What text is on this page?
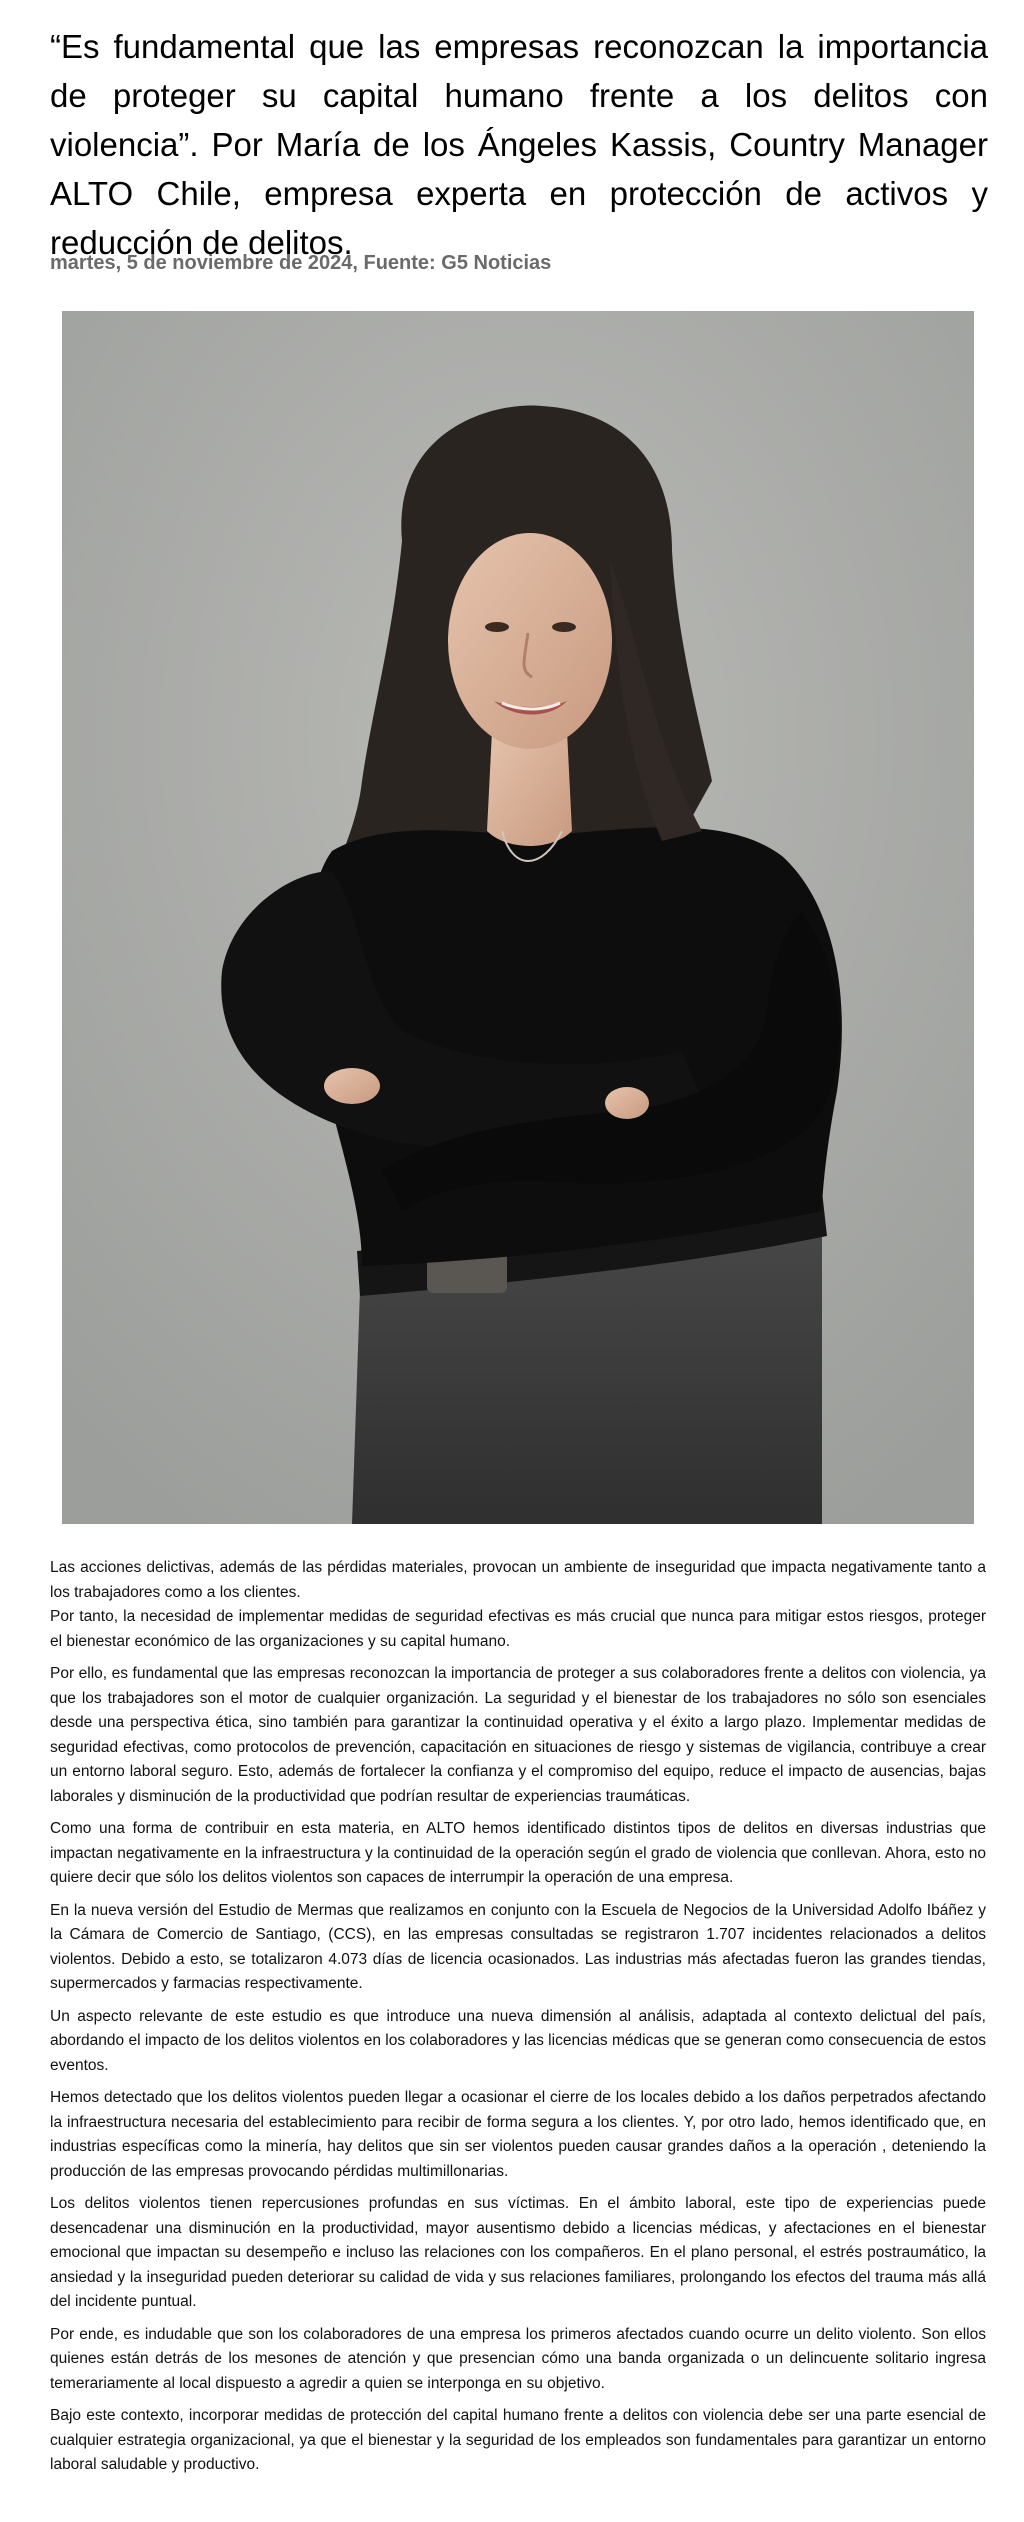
“Es fundamental que las empresas reconozcan la importancia de proteger su capital humano frente a los delitos con violencia”. Por María de los Ángeles Kassis, Country Manager ALTO Chile, empresa experta en protección de activos y reducción de delitos.
martes, 5 de noviembre de 2024, Fuente: G5 Noticias

Las acciones delictivas, además de las pérdidas materiales, provocan un ambiente de inseguridad que impacta negativamente tanto a los trabajadores como a los clientes.

Por tanto, la necesidad de implementar medidas de seguridad efectivas es más crucial que nunca para mitigar estos riesgos, proteger el bienestar económico de las organizaciones y su capital humano.

Por ello, es fundamental que las empresas reconozcan la importancia de proteger a sus colaboradores frente a delitos con violencia, ya que los trabajadores son el motor de cualquier organización. La seguridad y el bienestar de los trabajadores no sólo son esenciales desde una perspectiva ética, sino también para garantizar la continuidad operativa y el éxito a largo plazo. Implementar medidas de seguridad efectivas, como protocolos de prevención, capacitación en situaciones de riesgo y sistemas de vigilancia, contribuye a crear un entorno laboral seguro. Esto, además de fortalecer la confianza y el compromiso del equipo, reduce el impacto de ausencias, bajas laborales y disminución de la productividad que podrían resultar de experiencias traumáticas.

Como una forma de contribuir en esta materia, en ALTO hemos identificado distintos tipos de delitos en diversas industrias que impactan negativamente en la infraestructura y la continuidad de la operación según el grado de violencia que conllevan. Ahora, esto no quiere decir que sólo los delitos violentos son capaces de interrumpir la operación de una empresa.

En la nueva versión del Estudio de Mermas que realizamos en conjunto con la Escuela de Negocios de la Universidad Adolfo Ibáñez y la Cámara de Comercio de Santiago, (CCS), en las empresas consultadas se registraron 1.707 incidentes relacionados a delitos violentos. Debido a esto, se totalizaron 4.073 días de licencia ocasionados. Las industrias más afectadas fueron las grandes tiendas, supermercados y farmacias respectivamente.

Un aspecto relevante de este estudio es que introduce una nueva dimensión al análisis, adaptada al contexto delictual del país, abordando el impacto de los delitos violentos en los colaboradores y las licencias médicas que se generan como consecuencia de estos eventos.

Hemos detectado que los delitos violentos pueden llegar a ocasionar el cierre de los locales debido a los daños perpetrados afectando la infraestructura necesaria del establecimiento para recibir de forma segura a los clientes. Y, por otro lado, hemos identificado que, en industrias específicas como la minería, hay delitos que sin ser violentos pueden causar grandes daños a la operación , deteniendo la producción de las empresas provocando pérdidas multimillonarias.

Los delitos violentos tienen repercusiones profundas en sus víctimas. En el ámbito laboral, este tipo de experiencias puede desencadenar una disminución en la productividad, mayor ausentismo debido a licencias médicas, y afectaciones en el bienestar emocional que impactan su desempeño e incluso las relaciones con los compañeros. En el plano personal, el estrés postraumático, la ansiedad y la inseguridad pueden deteriorar su calidad de vida y sus relaciones familiares, prolongando los efectos del trauma más allá del incidente puntual.

Por ende, es indudable que son los colaboradores de una empresa los primeros afectados cuando ocurre un delito violento. Son ellos quienes están detrás de los mesones de atención y que presencian cómo una banda organizada o un delincuente solitario ingresa temerariamente al local dispuesto a agredir a quien se interponga en su objetivo.

Bajo este contexto, incorporar medidas de protección del capital humano frente a delitos con violencia debe ser una parte esencial de cualquier estrategia organizacional, ya que el bienestar y la seguridad de los empleados son fundamentales para garantizar un entorno laboral saludable y productivo.
